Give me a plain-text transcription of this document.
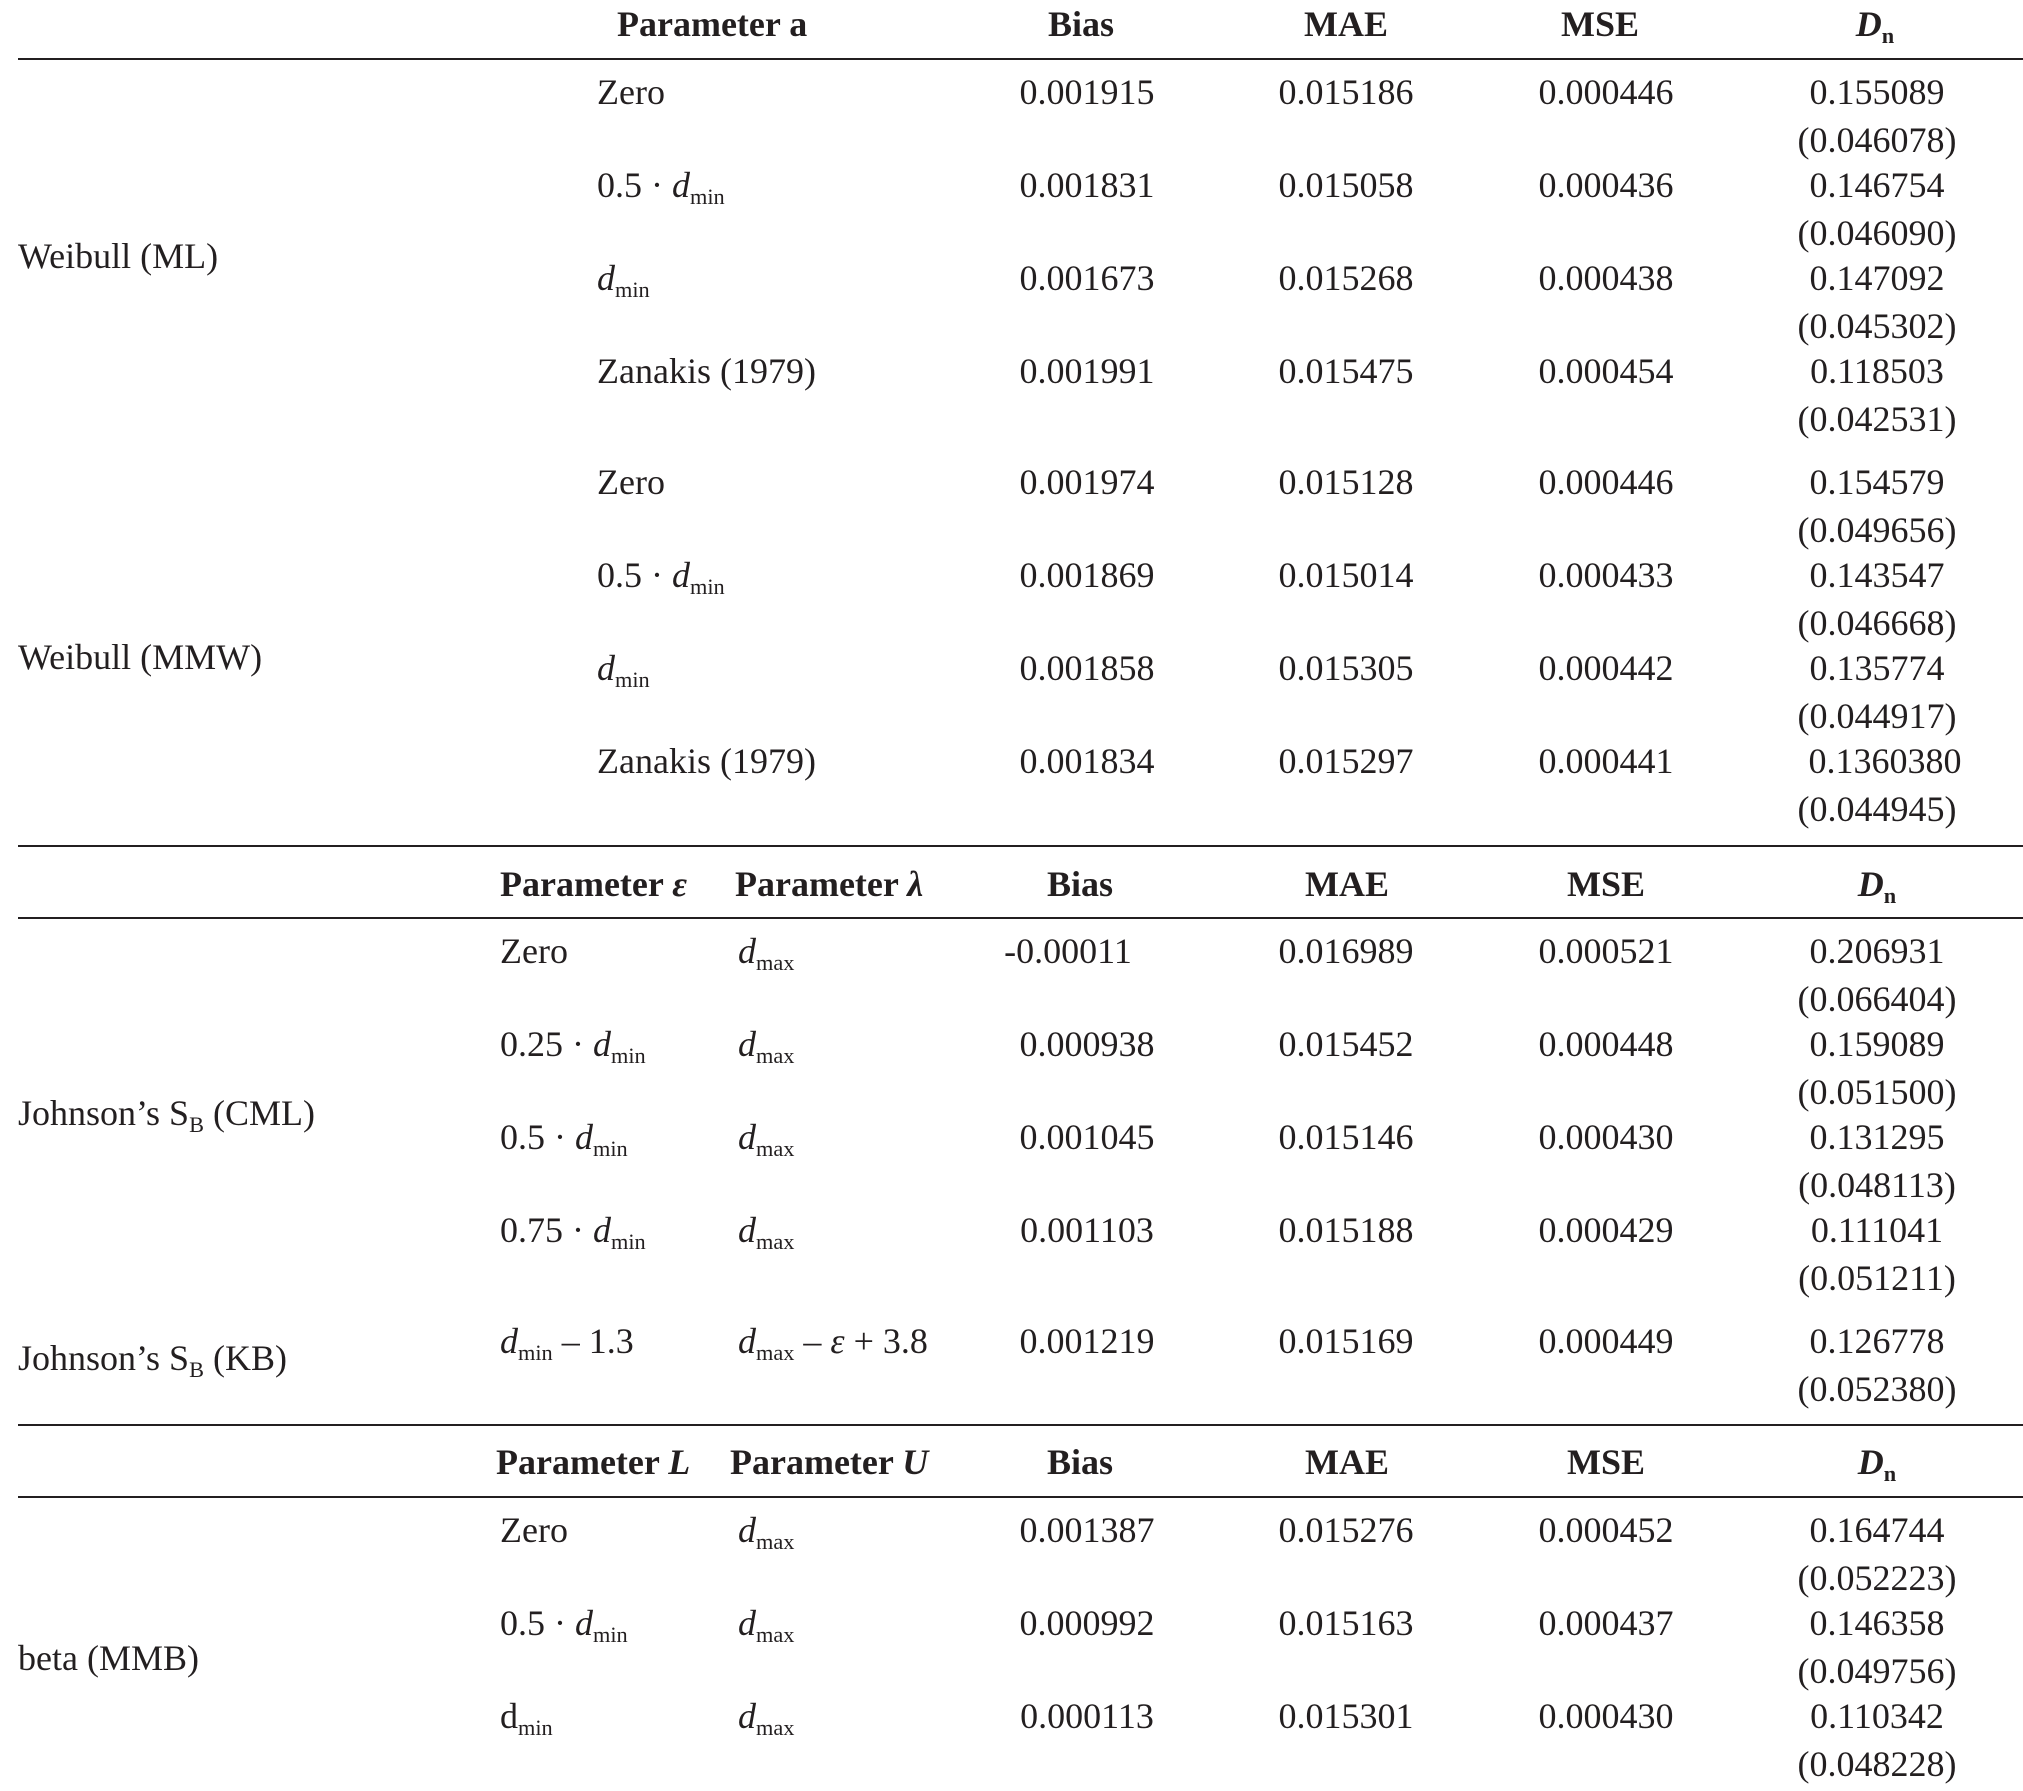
Parameter a	Bias	MAE	MSE	$D_n$
Weibull (ML)
Zero	0.001915	0.015186	0.000446	0.155089
(0.046078)
$0.5 \cdot d_{min}$	0.001831	0.015058	0.000436	0.146754
(0.046090)
$d_{min}$	0.001673	0.015268	0.000438	0.147092
(0.045302)
Zanakis (1979)	0.001991	0.015475	0.000454	0.118503
(0.042531)
Weibull (MMW)
Zero	0.001974	0.015128	0.000446	0.154579
(0.049656)
$0.5 \cdot d_{min}$	0.001869	0.015014	0.000433	0.143547
(0.046668)
$d_{min}$	0.001858	0.015305	0.000442	0.135774
(0.044917)
Zanakis (1979)	0.001834	0.015297	0.000441	0.1360380
(0.044945)
Parameter ε Parameter λ	Bias	MAE	MSE	$D_n$
Johnson’s $S_B$ (CML)
Zero	$d_{max}$	-0.00011	0.016989	0.000521	0.206931
(0.066404)
$0.25 \cdot d_{min}$	$d_{max}$	0.000938	0.015452	0.000448	0.159089
(0.051500)
$0.5 \cdot d_{min}$	$d_{max}$	0.001045	0.015146	0.000430	0.131295
(0.048113)
$0.75 \cdot d_{min}$	$d_{max}$	0.001103	0.015188	0.000429	0.111041
(0.051211)
Johnson’s $S_B$ (KB)	$d_{min} - 1.3$	$d_{max} - \varepsilon + 3.8$	0.001219	0.015169	0.000449	0.126778
(0.052380)
Parameter L Parameter U	Bias	MAE	MSE	$D_n$
beta (MMB)
Zero	$d_{max}$	0.001387	0.015276	0.000452	0.164744
(0.052223)
$0.5 \cdot d_{min}$	$d_{max}$	0.000992	0.015163	0.000437	0.146358
(0.049756)
$d_{min}$	$d_{max}$	0.000113	0.015301	0.000430	0.110342
(0.048228)
